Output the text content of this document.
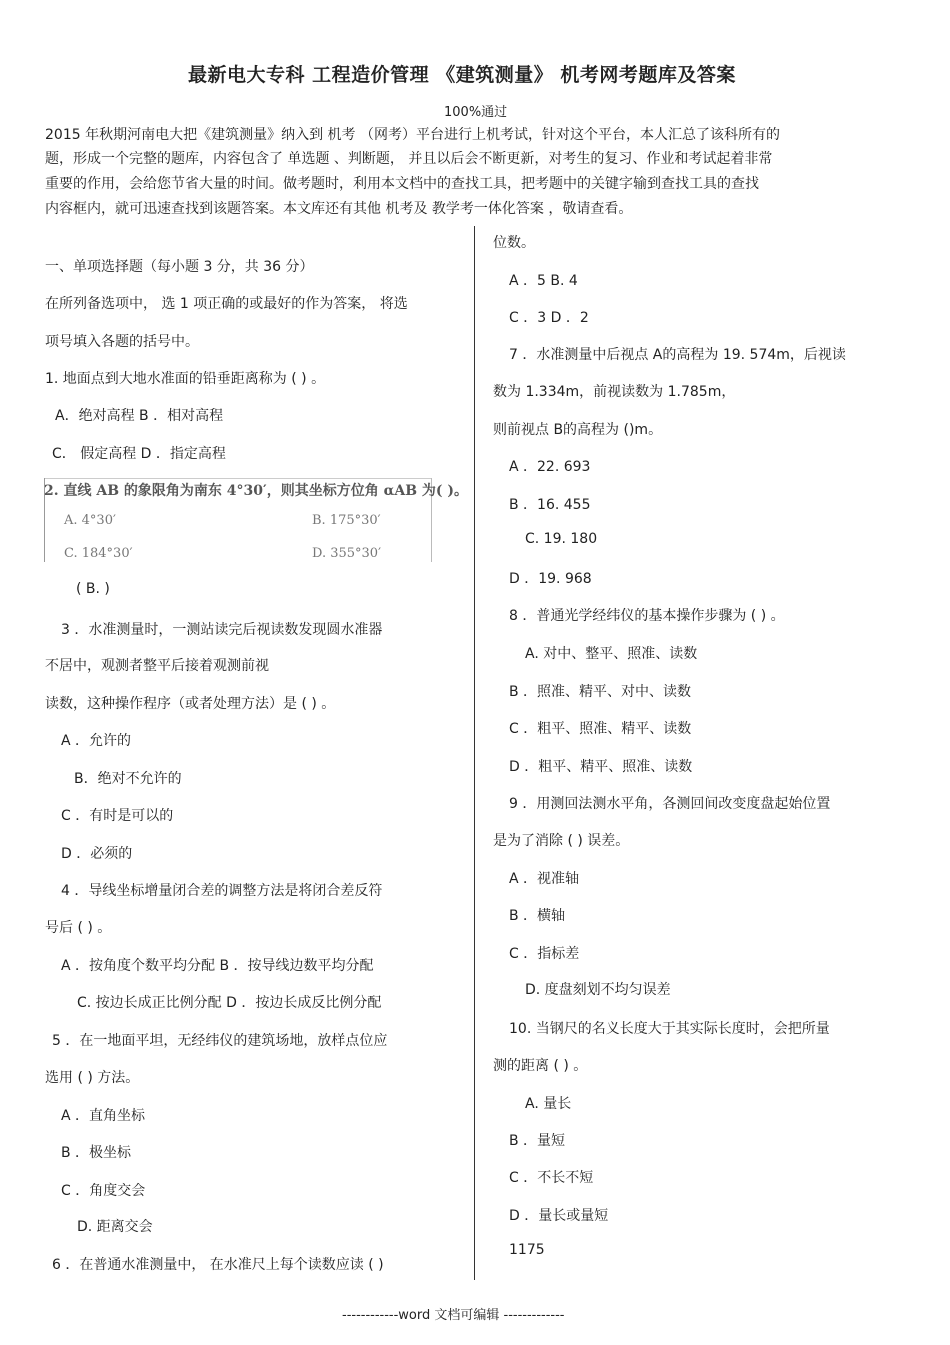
最新电大专科 工程造价管理 《建筑测量》 机考网考题库及答案
100%通过
2015 年秋期河南电大把《建筑测量》纳入到 机考 （网考）平台进行上机考试，针对这个平台，本人汇总了该科所有的
题，形成一个完整的题库，内容包含了 单选题 、判断题， 并且以后会不断更新，对考生的复习、作业和考试起着非常
重要的作用，会给您节省大量的时间。做考题时，利用本文档中的查找工具，把考题中的关键字输到查找工具的查找
内容框内，就可迅速查找到该题答案。本文库还有其他 机考及 教学考一体化答案 ，敬请查看。
一、单项选择题（每小题 3 分，共 36 分）
在所列备选项中， 选 1 项正确的或最好的作为答案， 将选
项号填入各题的括号中。
1. 地面点到大地水准面的铅垂距离称为 ( ) 。
A．绝对高程 B ．相对高程
C． 假定高程 D ．指定高程
2. 直线 AB 的象限角为南东 4°30′，则其坐标方位角 αAB 为( )。
A. 4°30′	B. 175°30′
C. 184°30′	D. 355°30′
( B. )
3 ．水准测量时，一测站读完后视读数发现圆水准器
不居中，观测者整平后接着观测前视
读数，这种操作程序（或者处理方法）是 ( ) 。
A ．允许的
B．绝对不允许的
C ．有时是可以的
D ．必须的
4 ．导线坐标增量闭合差的调整方法是将闭合差反符
号后 ( ) 。
A ．按角度个数平均分配 B ．按导线边数平均分配
C. 按边长成正比例分配 D ．按边长成反比例分配
5 ．在一地面平坦，无经纬仪的建筑场地，放样点位应
选用 ( ) 方法。
A ．直角坐标
B ．极坐标
C ．角度交会
D. 距离交会
6 ．在普通水准测量中， 在水准尺上每个读数应读 ( )
位数。
A ．5 B. 4
C ．3 D ．2
7 ．水准测量中后视点 A的高程为 19. 574m，后视读
数为 1.334m，前视读数为 1.785m，
则前视点 B的高程为 ()m。
A ．22. 693
B ．16. 455
C. 19. 180
D ．19. 968
8 ．普通光学经纬仪的基本操作步骤为 ( ) 。
A. 对中、整平、照准、读数
B ．照准、精平、对中、读数
C ．粗平、照准、精平、读数
D ．粗平、精平、照准、读数
9 ．用测回法测水平角，各测回间改变度盘起始位置
是为了消除 ( ) 误差。
A ．视准轴
B ．横轴
C ．指标差
D. 度盘刻划不均匀误差
10. 当钢尺的名义长度大于其实际长度时，会把所量
测的距离 ( ) 。
A. 量长
B ．量短
C ．不长不短
D ．量长或量短
1175
------------word 文档可编辑 -------------
